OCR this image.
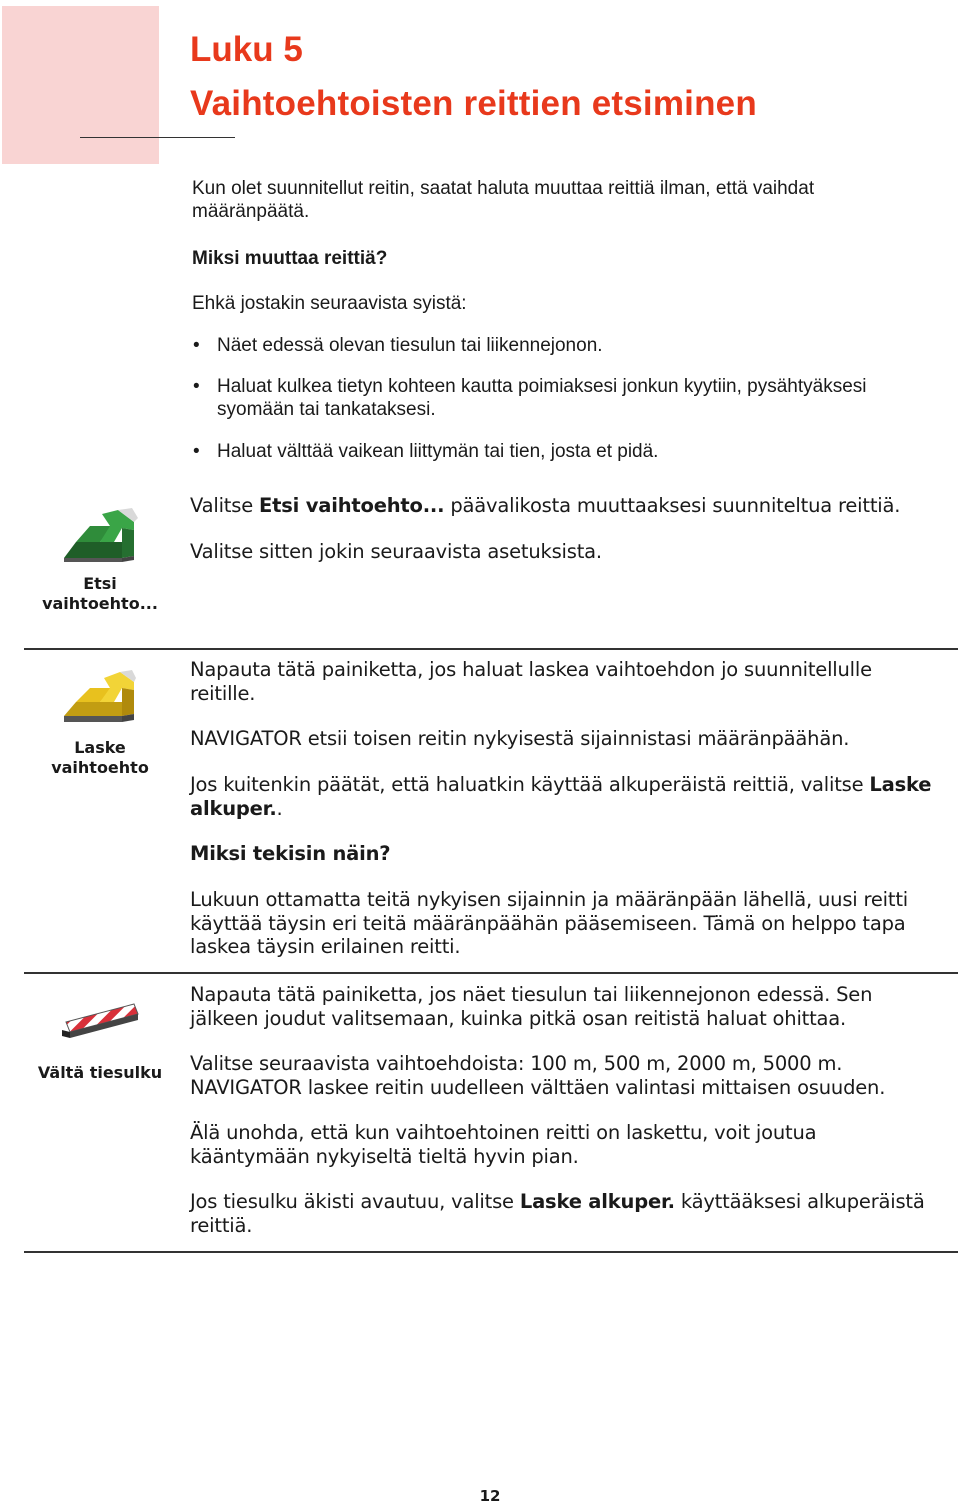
Luku 5
Vaihtoehtoisten reittien etsiminen

Kun olet suunnitellut reitin, saatat haluta muuttaa reittiä ilman, että vaihdat määränpäätä.

Miksi muuttaa reittiä?

Ehkä jostakin seuraavista syistä:

• Näet edessä olevan tiesulun tai liikennejonon.

• Haluat kulkea tietyn kohteen kautta poimiaksesi jonkun kyytiin, pysähtyäksesi syomään tai tankataksesi.

• Haluat välttää vaikean liittymän tai tien, josta et pidä.

Etsi vaihtoehto...

Valitse Etsi vaihtoehto... päävalikosta muuttaaksesi suunniteltua reittiä.

Valitse sitten jokin seuraavista asetuksista.

Laske vaihtoehto

Napauta tätä painiketta, jos haluat laskea vaihtoehdon jo suunnitellulle reitille.

NAVIGATOR etsii toisen reitin nykyisestä sijainnistasi määränpäähän.

Jos kuitenkin päätät, että haluatkin käyttää alkuperäistä reittiä, valitse Laske alkuper..

Miksi tekisin näin?

Lukuun ottamatta teitä nykyisen sijainnin ja määränpään lähellä, uusi reitti käyttää täysin eri teitä määränpäähän pääsemiseen. Tämä on helppo tapa laskea täysin erilainen reitti.

Vältä tiesulku

Napauta tätä painiketta, jos näet tiesulun tai liikennejonon edessä. Sen jälkeen joudut valitsemaan, kuinka pitkä osan reitistä haluat ohittaa.

Valitse seuraavista vaihtoehdoista: 100 m, 500 m, 2000 m, 5000 m. NAVIGATOR laskee reitin uudelleen välttäen valintasi mittaisen osuuden.

Älä unohda, että kun vaihtoehtoinen reitti on laskettu, voit joutua kääntymään nykyiseltä tieltä hyvin pian.

Jos tiesulku äkisti avautuu, valitse Laske alkuper. käyttääksesi alkuperäistä reittiä.

12
